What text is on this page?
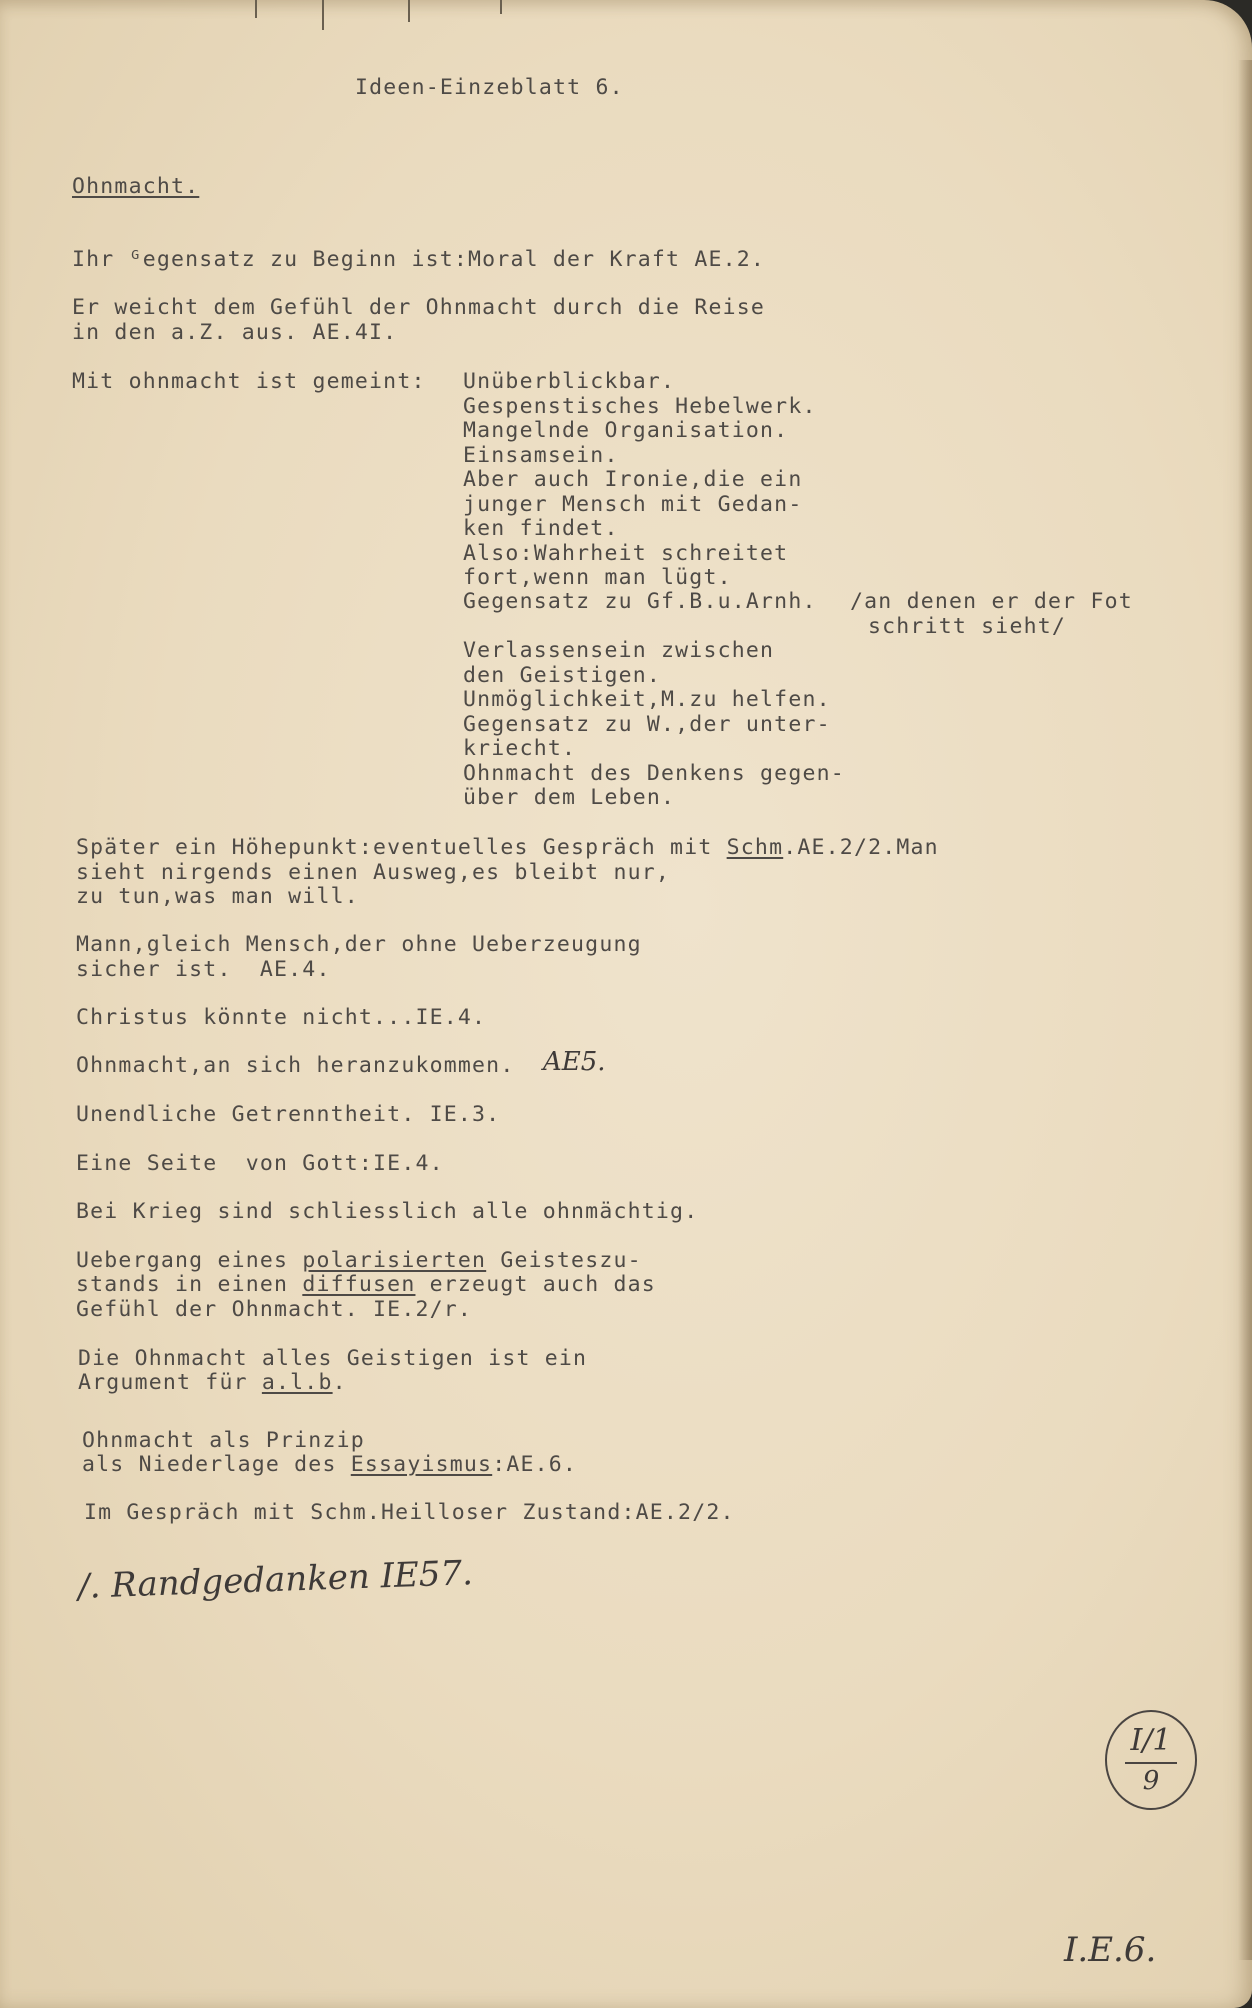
Ideen-Einzeblatt 6.

Ohnmacht.

Ihr ᴳegensatz zu Beginn ist:Moral der Kraft AE.2.

Er weicht dem Gefühl der Ohnmacht durch die Reise

in den a.Z. aus. AE.4I.

Mit ohnmacht ist gemeint: Unüberblickbar.

Gespenstisches Hebelwerk.

Mangelnde Organisation.

Einsamsein.

Aber auch Ironie,die ein

junger Mensch mit Gedan-

ken findet.

Also:Wahrheit schreitet

fort,wenn man lügt.

Gegensatz zu Gf.B.u.Arnh.

Verlassensein zwischen

den Geistigen.

Unmöglichkeit,M.zu helfen.

Gegensatz zu W.,der unter-

kriecht.

Ohnmacht des Denkens gegen-

über dem Leben.

/an denen er der Fot

schritt sieht/

Später ein Höhepunkt:eventuelles Gespräch mit Schm.AE.2/2.Man

sieht nirgends einen Ausweg,es bleibt nur,

zu tun,was man will.

Mann,gleich Mensch,der ohne Ueberzeugung

sicher ist.  AE.4.

Christus könnte nicht...IE.4.

Ohnmacht,an sich heranzukommen. AE5.

Unendliche Getrenntheit. IE.3.

Eine Seite  von Gott:IE.4.

Bei Krieg sind schliesslich alle ohnmächtig.

Uebergang eines polarisierten Geisteszu-

stands in einen diffusen erzeugt auch das

Gefühl der Ohnmacht. IE.2/r.

Die Ohnmacht alles Geistigen ist ein

Argument für a.l.b.

Ohnmacht als Prinzip

als Niederlage des Essayismus:AE.6.

Im Gespräch mit Schm.Heilloser Zustand:AE.2/2.

/. Randgedanken IE57.
I/1
9
I.E.6.
